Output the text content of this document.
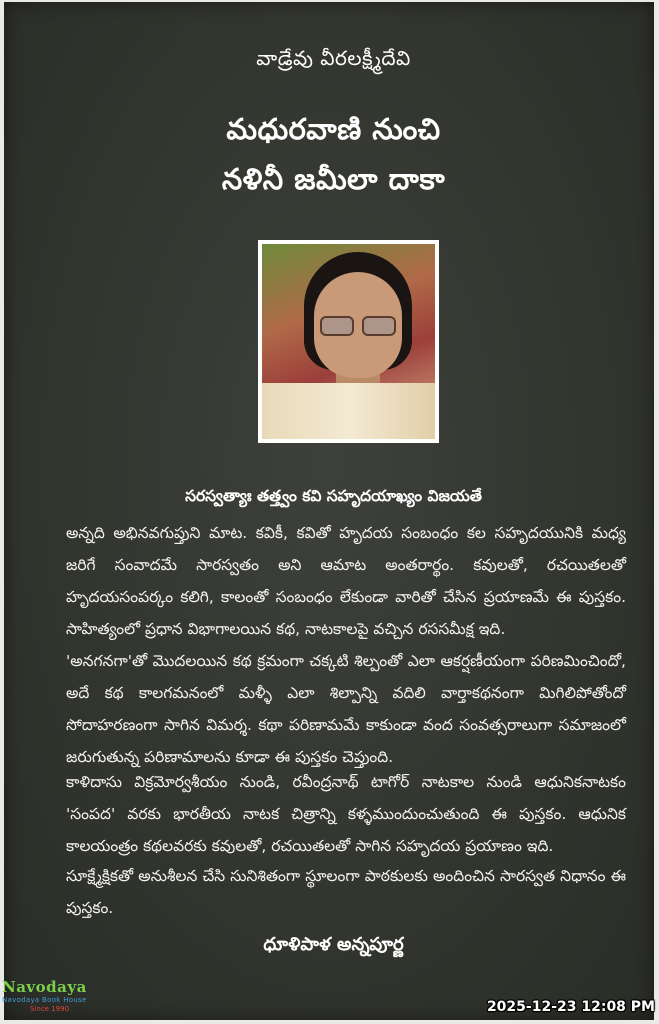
వాడ్రేవు వీరలక్ష్మీదేవి
మధురవాణి నుంచి
నళినీ జమీలా దాకా
సరస్వత్యాః తత్త్వం కవి సహృదయాఖ్యం విజయతే
అన్నది అభినవగుప్తుని మాట. కవికీ, కవితో హృదయ సంబంధం కల సహృదయునికి మధ్య జరిగే సంవాదమే సారస్వతం అని ఆమాట అంతరార్థం. కవులతో, రచయితలతో హృదయసంపర్కం కలిగి, కాలంతో సంబంధం లేకుండా వారితో చేసిన ప్రయాణమే ఈ పుస్తకం. సాహిత్యంలో ప్రధాన విభాగాలయిన కథ, నాటకాలపై వచ్చిన రససమీక్ష ఇది.
'అనగనగా'తో మొదలయిన కథ క్రమంగా చక్కటి శిల్పంతో ఎలా ఆకర్షణీయంగా పరిణమించిందో, అదే కథ కాలగమనంలో మళ్ళీ ఎలా శిల్పాన్ని వదిలి వార్తాకథనంగా మిగిలిపోతోందో సోదాహరణంగా సాగిన విమర్శ. కథా పరిణామమే కాకుండా వంద సంవత్సరాలుగా సమాజంలో జరుగుతున్న పరిణామాలను కూడా ఈ పుస్తకం చెప్తుంది.
కాళిదాసు విక్రమోర్వశీయం నుండి, రవీంద్రనాథ్ టాగోర్ నాటకాల నుండి ఆధునికనాటకం 'సంపద' వరకు భారతీయ నాటక చిత్రాన్ని కళ్ళముందుంచుతుంది ఈ పుస్తకం. ఆధునిక కాలయంత్రం కథలవరకు కవులతో, రచయితలతో సాగిన సహృదయ ప్రయాణం ఇది.
సూక్ష్మేక్షికతో అనుశీలన చేసి సునిశితంగా స్థూలంగా పాఠకులకు అందించిన సారస్వత నిధానం ఈ పుస్తకం.
ధూళిపాళ అన్నపూర్ణ
Navodaya
Navodaya Book House
Since 1990	2025-12-23 12:08 PM
